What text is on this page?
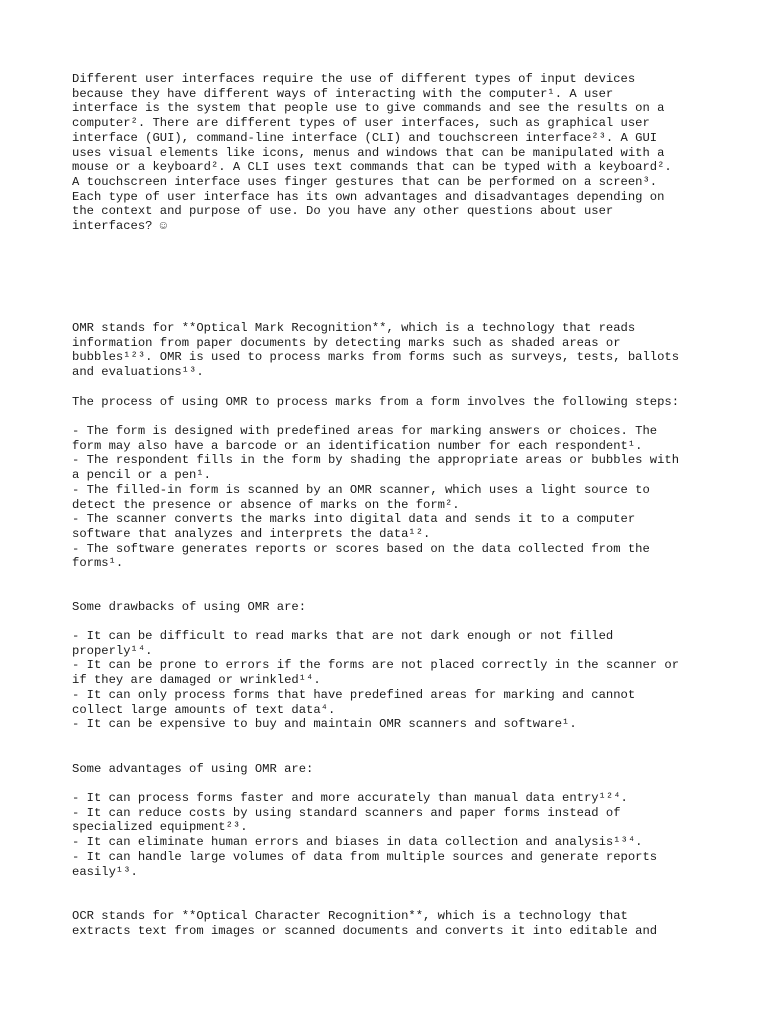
Different user interfaces require the use of different types of input devices

because they have different ways of interacting with the computer¹. A user

interface is the system that people use to give commands and see the results on a

computer². There are different types of user interfaces, such as graphical user

interface (GUI), command-line interface (CLI) and touchscreen interface²³. A GUI

uses visual elements like icons, menus and windows that can be manipulated with a

mouse or a keyboard². A CLI uses text commands that can be typed with a keyboard².

A touchscreen interface uses finger gestures that can be performed on a screen³.

Each type of user interface has its own advantages and disadvantages depending on

the context and purpose of use. Do you have any other questions about user

interfaces? ☺

OMR stands for **Optical Mark Recognition**, which is a technology that reads

information from paper documents by detecting marks such as shaded areas or

bubbles¹²³. OMR is used to process marks from forms such as surveys, tests, ballots

and evaluations¹³.

The process of using OMR to process marks from a form involves the following steps:

- The form is designed with predefined areas for marking answers or choices. The

form may also have a barcode or an identification number for each respondent¹.

- The respondent fills in the form by shading the appropriate areas or bubbles with

a pencil or a pen¹.

- The filled-in form is scanned by an OMR scanner, which uses a light source to

detect the presence or absence of marks on the form².

- The scanner converts the marks into digital data and sends it to a computer

software that analyzes and interprets the data¹².

- The software generates reports or scores based on the data collected from the

forms¹.

Some drawbacks of using OMR are:

- It can be difficult to read marks that are not dark enough or not filled

properly¹⁴.

- It can be prone to errors if the forms are not placed correctly in the scanner or

if they are damaged or wrinkled¹⁴.

- It can only process forms that have predefined areas for marking and cannot

collect large amounts of text data⁴.

- It can be expensive to buy and maintain OMR scanners and software¹.

Some advantages of using OMR are:

- It can process forms faster and more accurately than manual data entry¹²⁴.

- It can reduce costs by using standard scanners and paper forms instead of

specialized equipment²³.

- It can eliminate human errors and biases in data collection and analysis¹³⁴.

- It can handle large volumes of data from multiple sources and generate reports

easily¹³.

OCR stands for **Optical Character Recognition**, which is a technology that

extracts text from images or scanned documents and converts it into editable and
